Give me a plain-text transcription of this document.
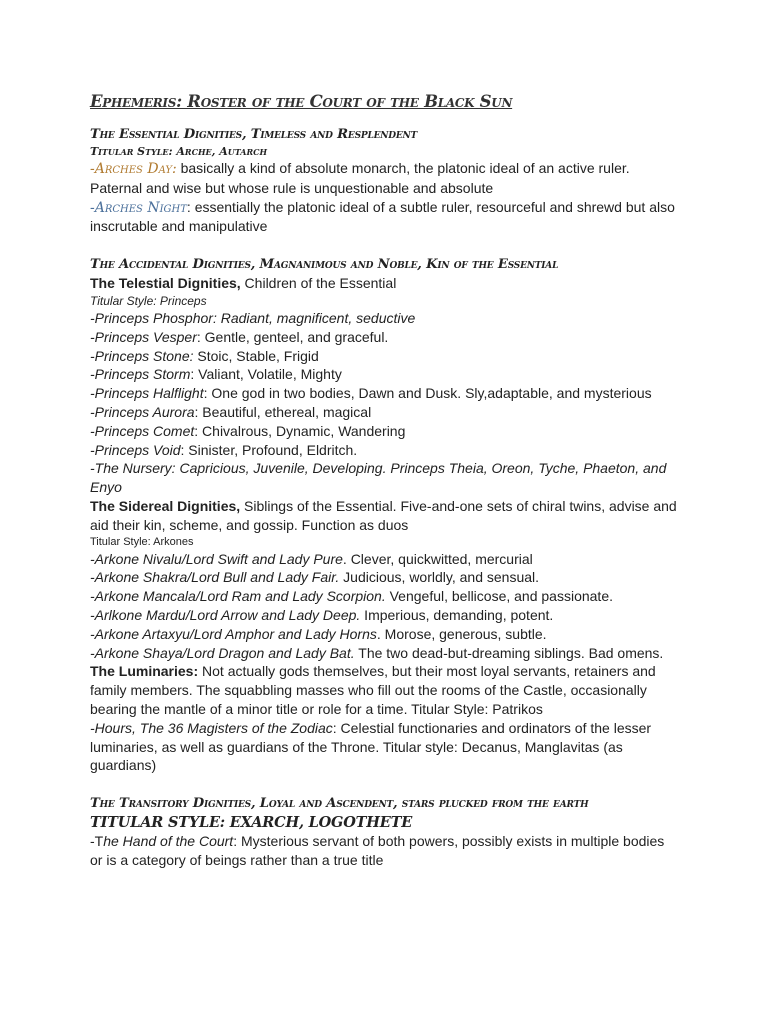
Ephemeris: Roster of the Court of the Black Sun

The Essential Dignities, Timeless and Resplendent

Titular Style: Arche, Autarch

-Arches Day: basically a kind of absolute monarch, the platonic ideal of an active ruler. Paternal and wise but whose rule is unquestionable and absolute

-Arches Night: essentially the platonic ideal of a subtle ruler, resourceful and shrewd but also inscrutable and manipulative

The Accidental Dignities, Magnanimous and Noble, Kin of the Essential

The Telestial Dignities, Children of the Essential

Titular Style: Princeps

-Princeps Phosphor: Radiant, magnificent, seductive

-Princeps Vesper: Gentle, genteel, and graceful.

-Princeps Stone: Stoic, Stable, Frigid

-Princeps Storm: Valiant, Volatile, Mighty

-Princeps Halflight: One god in two bodies, Dawn and Dusk. Sly,adaptable, and mysterious

-Princeps Aurora: Beautiful, ethereal, magical

-Princeps Comet: Chivalrous, Dynamic, Wandering

-Princeps Void: Sinister, Profound, Eldritch.

-The Nursery: Capricious, Juvenile, Developing. Princeps Theia, Oreon, Tyche, Phaeton, and Enyo

The Sidereal Dignities, Siblings of the Essential. Five-and-one sets of chiral twins, advise and aid their kin, scheme, and gossip. Function as duos

Titular Style: Arkones

-Arkone Nivalu/Lord Swift and Lady Pure. Clever, quickwitted, mercurial

-Arkone Shakra/Lord Bull and Lady Fair. Judicious, worldly, and sensual.

-Arkone Mancala/Lord Ram and Lady Scorpion. Vengeful, bellicose, and passionate.

-Arlkone Mardu/Lord Arrow and Lady Deep. Imperious, demanding, potent.

-Arkone Artaxyu/Lord Amphor and Lady Horns. Morose, generous, subtle.

-Arkone Shaya/Lord Dragon and Lady Bat. The two dead-but-dreaming siblings. Bad omens.

The Luminaries: Not actually gods themselves, but their most loyal servants, retainers and family members. The squabbling masses who fill out the rooms of the Castle, occasionally bearing the mantle of a minor title or role for a time. Titular Style: Patrikos

-Hours, The 36 Magisters of the Zodiac: Celestial functionaries and ordinators of the lesser luminaries, as well as guardians of the Throne. Titular style: Decanus, Manglavitas (as guardians)

The Transitory Dignities, Loyal and Ascendent, stars plucked from the earth

TITULAR STYLE: EXARCH, LOGOTHETE

-The Hand of the Court: Mysterious servant of both powers, possibly exists in multiple bodies or is a category of beings rather than a true title
